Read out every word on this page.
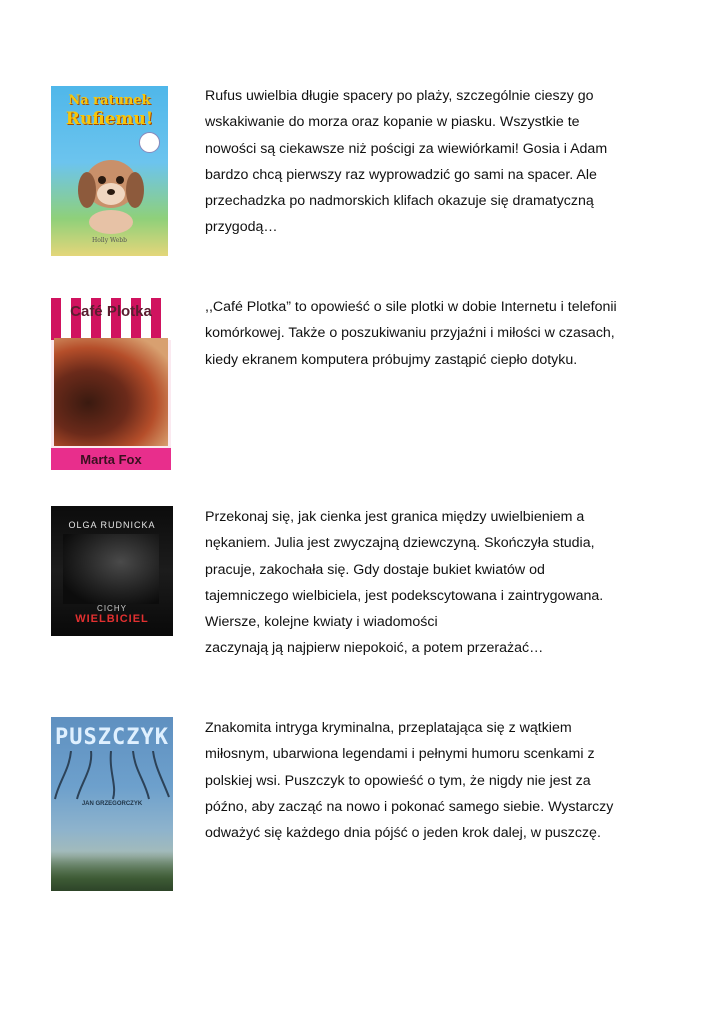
Na ratunek
Rufiemu!
Holly Webb

Rufus uwielbia długie spacery po plaży, szczególnie cieszy go
wskakiwanie do morza oraz kopanie w piasku. Wszystkie te
nowości są ciekawsze niż pościgi za wiewiórkami! Gosia i Adam
bardzo chcą pierwszy raz wyprowadzić go sami na spacer. Ale
przechadzka po nadmorskich klifach okazuje się dramatyczną
przygodą…

Café Plotka
Marta Fox

,,Café Plotka” to opowieść o sile plotki w dobie Internetu i telefonii
komórkowej. Także o poszukiwaniu przyjaźni i miłości w czasach,
kiedy ekranem komputera próbujmy zastąpić ciepło dotyku.

OLGA RUDNICKA
CICHY
WIELBICIEL

Przekonaj się, jak cienka jest granica między uwielbieniem a
nękaniem. Julia jest zwyczajną dziewczyną. Skończyła studia,
pracuje, zakochała się. Gdy dostaje bukiet kwiatów od
tajemniczego wielbiciela, jest podekscytowana i zaintrygowana.
Wiersze, kolejne kwiaty i wiadomości
zaczynają ją najpierw niepokoić, a potem przerażać…

PUSZCZYK
JAN GRZEGORCZYK

Znakomita intryga kryminalna, przeplatająca się z wątkiem
miłosnym, ubarwiona legendami i pełnymi humoru scenkami z
polskiej wsi. Puszczyk to opowieść o tym, że nigdy nie jest za
późno, aby zacząć na nowo i pokonać samego siebie. Wystarczy
odważyć się każdego dnia pójść o jeden krok dalej, w puszczę.
